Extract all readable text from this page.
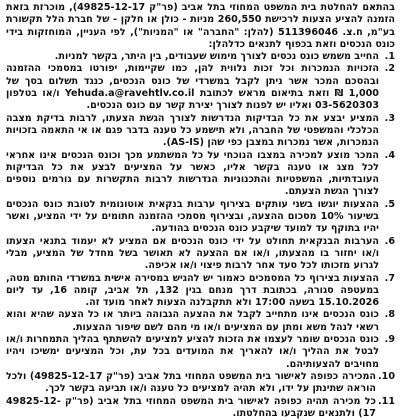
בהתאם להחלטת בית המשפט המחוזי בתל אביב (פר"ק 49825-12-17), מוכרזת בזאת הזמנה להציע הצעות לרכישת 260,550 מניות - כולן או חלקן - של חברת הלל תקשורת בע"מ, ח.צ. 511396046 (להלן: "החברה" או "המניות"), לפי העניין, המוחזקות בידי כונס הנכסים וזאת בכפוף לתנאים כדלהלן:

1.
החייב משמש כונס נכסים לצורך מימוש שעבודים, בין היתר, בקשר למניות.
2.
הזכויות הנמכרות וכל זכות נלווית להן, כמו שקיימות, יפורטו במסמכי ההזמנה ובהסכם המכר אשר ניתן לקבל במשרדי של כונס הנכסים, כנגד תשלום בסך של 1,000 ₪ וזאת בתיאום מראש לכתובת Yehuda.a@ravehtlv.co.il ו/או בטלפון 03-5620303 ואליו יש לפנות לצורך יצירת קשר עם כונס הנכסים.
3.
המציע יבצע את כל הבדיקות הנדרשות לצורך הגשת הצעתו, לרבות בדיקת מצבה הכלכלי והמשפטי של החברה, ולא תישמע כל טענה בדבר פגם או אי התאמה בזכויות הנמכרות, אשר נמכרות במצבן כפי שהן (AS-IS).
4.
המכר מוצע למכירה במצבו הנוכחי על כל המשתמע מכך וכונס הנכסים אינו אחראי לכל מצג או טענה בקשר אליו, כאשר על המציעים לבצע את כל הבדיקות העובדתיות, המשפטיות והתכנוניות הנדרשות לרבות התקשרות עם גורמים נוספים לצורך הגשת הצעתם.
5.
ההצעות יוגשו בשני עותקים בצירוף ערבות בנקאית אוטונומית לטובת כונס הנכסים בשיעור 10% מסכום ההצעה, ובצירוף מסמכי ההזמנה חתומים על ידי המציע, ואשר יהיו בתוקף עד למועד שיקבע כונס הנכסים בהודעה.
6.
הערבות הבנקאית תחולט על ידי כונס הנכסים אם המציע לא יעמוד בתנאי הצעתו ו/או יחזור בו מהצעתו, ו/או אם ההצעה לא תאושר בשל מחדל של המציע, מבלי לגרוע מזכותו לכל סעד אחר לרבות פיצוי ו/או אכיפה.
7.
ההצעות בצירוף כל המסמכים כאמור יש להגיש במסירה אישית במשרדי החותם מטה, במעטפה סגורה, בכתובת דרך מנחם בגין 132, תל אביב, קומה 16, עד ליום 15.10.2026 בשעה 17:00 ולא תתקבלנה הצעות לאחר מועד זה.
8.
כונס הנכסים אינו מתחייב לקבל את ההצעה הגבוהה ביותר או כל הצעה שהיא והוא רשאי לנהל משא ומתן עם המציעים ו/או מי מהם לשם שיפור ההצעות.
9.
כונס הנכסים שומר לעצמו את הזכות להציע למציעים להשתתף בהליך התמחרות ו/או לבטל את ההליך ו/או להאריך את המועדים בכל עת, וכל המציעים ימשיכו ויהיו מחויבים להצעותיהם.
10.
המכירה כפופה לאישור בית המשפט המחוזי בתל אביב (פר"ק 49825-12-17) ולכל הוראה שתינתן על ידו, ולא תהיה למציעים כל טענה ו/או תביעה בקשר לכך.
11.
כל מכירה תהיה כפופה לאישור בית המשפט המחוזי בתל אביב (פר"ק 49825-12-17) ולתנאים שנקבעו בהחלטתו.
